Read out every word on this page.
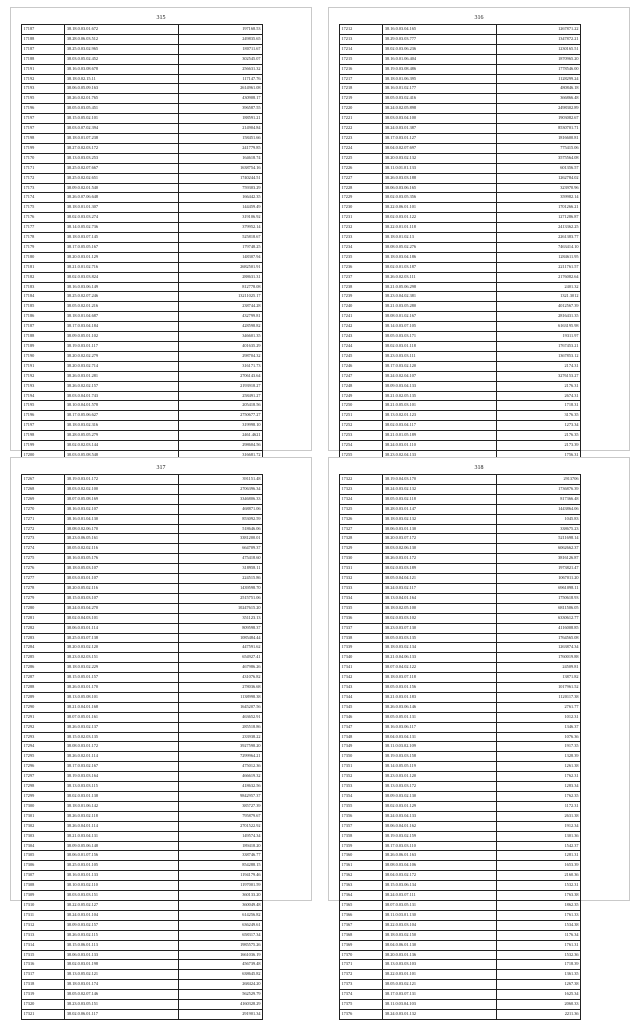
315
17187	38.18.0.03.01.672	197168.53
17188	38.28.0.06.03.512	249835.65
17187	38.25.0.03.02.965	180711.67
17188	38.03.0.05.02.452	302545.07
17191	38.16.0.03.08.678	256631.32
17192	38.18.0.02.15.11	117147.76
17193	38.06.0.05.09.163	2614961.08
17195	38.26.0.02.01.765	430908.17
17196	38.05.0.03.05.451	396587.55
17197	38.15.0.05.02.101	188591.21
17197	38.03.0.07.02.394	214904.84
17198	38.18.0.01.07.238	158451.66
17199	38.27.0.02.03.172	241779.85
17170	38.13.0.03.03.253	164618.74
17171	38.25.0.02.07.667	1638754.16
17172	38.25.0.02.02.651	1740244.51
17173	38.09.0.02.01.540	759303.29
17174	38.26.0.07.06.648	166442.35
17175	38.18.0.01.01.307	144459.49
17176	38.02.0.03.03.274	319106.92
17177	38.14.0.05.02.736	379952.14
17178	38.18.0.03.07.145	525818.67
17179	38.17.0.05.05.167	179748.25
17180	38.20.0.03.01.129	148307.94
17181	38.21.0.01.02.716	2682501.91
17182	38.02.0.03.03.824	288631.31
17183	38.16.0.03.06.149	812778.08
17184	38.25.0.02.07.246	13211025.17
17185	38.05.0.02.01.216	238744.28
17186	38.18.0.01.04.687	432799.81
17187	38.17.0.03.04.184	428598.82
17188	38.09.0.05.01.102	346601.35
17189	38.19.0.03.01.117	401635.29
17190	38.20.0.02.02.279	298704.32
17191	38.20.0.03.02.714	316171.73
17192	38.26.0.03.01.281	2706143.64
17193	38.26.0.02.02.157	2193918.27
17194	38.03.0.04.01.743	258491.27
17195	38.10.0.04.01.578	205418.56
17196	38.17.0.05.06.627	2750677.27
17197	38.18.0.03.02.316	319998.10
17198	38.28.0.05.05.279	2461.4621
17199	38.02.0.02.03.144	298604.56
17200	38.03.0.05.08.548	316681.72

316
17212	38.16.0.03.04.165	1267871.22
17213	38.29.0.03.03.777	1347872.21
17214	38.02.0.03.06.236	1230165.51
17215	38.16.0.01.06.404	1870965.20
17216	38.19.0.03.08.486	1778546.00
17217	38.18.0.01.06.395	1128299.24
17218	38.16.0.01.02.177	480846.18
17219	38.05.0.03.02.416	366866.48
17220	38.24.0.02.05.898	2498302.89
17221	38.03.0.03.04.100	1903082.67
17222	38.24.0.03.01.387	8530701.71
17223	38.17.0.03.01.127	1816600.81
17224	38.04.0.02.07.697	775415.06
17225	38.20.0.03.02.132	3575564.08
17226	38.11.0.01.01.133	601356.57
17227	38.26.0.03.03.188	1262784.02
17228	38.06.0.03.06.165	323970.96
17229	38.02.0.03.05.356	359982.14
17230	38.22.0.06.01.101	1701266.21
17231	38.02.0.03.01.122	1271286.87
17232	38.22.0.01.01.118	2413362.25
17233	38.18.0.01.02.13	2261383.77
17234	38.08.0.05.02.276	7463414.10
17235	38.18.0.03.04.186	1284611.95
17236	38.02.0.01.03.187	2211761.57
17237	38.26.0.02.03.111	2176082.64
17238	38.21.0.05.06.298	2401.32
17239	38.23.0.04.02.381	1321.3012
17240	38.21.0.03.05.280	4012567.39
17241	38.08.0.01.02.167	2816431.35
17242	38.14.0.03.07.105	6163195.98
17243	38.05.0.03.03.171	19311.97
17244	38.02.0.03.01.118	1767453.21
17245	38.23.0.03.03.111	1367853.12
17246	38.17.0.03.02.120	2174.31
17247	38.24.0.02.04.107	3276153.27
17248	38.09.0.03.04.133	2176.31
17249	38.21.0.02.05.135	2674.31
17250	38.21.0.05.03.101	1718.31
17251	38.13.0.02.01.123	3176.35
17252	38.02.0.03.04.117	1273.34
17253	38.21.0.01.05.189	2176.35
17254	38.24.0.03.01.110	2173.39
17255	38.23.0.02.04.133	1756.31

317
17267	38.19.0.03.01.172	391151.48
17268	38.03.0.02.02.100	2706396.34
17269	38.07.0.05.08.169	3346806.33
17270	38.16.0.03.02.107	468871.06
17271	38.16.0.01.04.130	853092.59
17272	38.08.0.02.06.170	518646.06
17273	38.23.0.06.05.161	3381200.01
17274	38.05.0.02.02.116	664709.37
17275	38.16.0.03.05.176	475418.60
17276	38.18.0.05.03.107	318958.11
17277	38.03.0.03.01.107	224515.86
17278	38.20.0.05.02.116	1439598.70
17279	38.15.0.03.03.107	2515751.06
17280	38.24.0.03.04.270	10247615.20
17281	38.02.0.04.03.101	351123.13
17282	38.06.0.03.01.114	809598.37
17283	38.25.0.03.07.138	1085484.44
17284	38.20.0.03.02.120	447591.62
17285	38.23.0.02.03.151	654927.41
17286	38.18.0.03.02.229	467986.26
17287	38.15.0.05.01.157	431076.82
17288	38.26.0.03.01.170	278036.68
17289	38.13.0.05.08.101	1138998.38
17290	38.21.0.04.01.168	1645207.56
17291	38.07.0.05.01.161	463652.91
17292	38.26.0.03.02.137	285518.86
17293	38.15.0.02.03.135	233938.22
17294	38.08.0.03.01.172	3927598.20
17295	38.26.0.02.01.114	7299964.21
17296	38.17.0.03.02.167	475012.36
17297	38.19.0.03.03.164	466619.32
17298	38.13.0.03.03.115	418632.56
17299	38.02.0.03.01.138	9842957.37
17300	38.18.0.01.06.142	385727.39
17301	38.26.0.03.02.118	795879.67
17302	38.26.0.04.01.114	2701522.92
17303	38.21.0.03.04.131	149574.34
17304	38.09.0.05.06.148	189418.20
17305	38.06.0.01.07.156	338746.77
17306	38.25.0.03.01.105	854288.15
17307	38.16.0.03.01.133	1194179.46
17308	38.10.0.03.02.110	1197001.59
17309	38.03.0.03.03.151	360133.20
17310	38.22.0.05.02.127	360049.48
17311	38.24.0.03.01.104	614256.82
17312	38.09.0.03.02.157	636249.61
17313	38.26.0.03.02.115	658317.34
17314	38.15.0.06.01.113	1985575.26
17315	38.06.0.03.01.133	1661036.19
17316	38.02.0.03.01.198	456739.48
17317	38.13.0.05.02.121	638645.82
17318	38.18.0.03.01.174	268424.20
17319	38.05.0.02.07.146	562529.79
17320	38.23.0.03.05.151	4160328.29
17321	38.02.0.06.01.117	291901.34
318
17322	38.19.0.04.03.170	2913706
17323	38.24.0.03.02.132	1736876.39
17324	38.05.0.03.02.118	817366.48
17325	38.28.0.03.01.147	1443864.06
17326	38.18.0.03.02.132	1045.83
17327	38.06.0.03.01.130	338675.23
17328	38.20.0.03.07.172	5211698.14
17329	38.03.0.02.06.130	6062662.37
17330	38.26.0.03.01.172	3816126.87
17331	38.02.0.03.03.189	1973821.47
17332	38.05.0.04.04.121	1067011.20
17333	38.24.0.03.02.117	6961098.11
17334	38.13.0.04.01.164	1750618.93
17335	38.18.0.02.05.100	6811506.05
17336	38.02.0.03.03.102	6330612.77
17337	38.23.0.03.07.130	4116008.85
17338	38.05.0.03.03.135	1764565.08
17339	38.18.0.03.02.134	1263874.34
17340	38.21.0.04.06.133	1760019.88
17341	38.07.0.04.02.122	24509.81
17342	38.18.0.03.07.118	13871.82
17343	38.05.0.03.01.156	1017961.52
17344	38.21.0.03.01.183	1120117.38
17345	38.26.0.03.06.146	2761.77
17346	38.05.0.05.01.131	1012.31
17347	38.16.0.03.06.117	1346.37
17348	38.04.0.03.04.131	1076.36
17349	38.11.0.03.02.109	1917.35
17350	38.19.0.03.03.158	1328.39
17351	38.14.0.05.05.119	1261.38
17352	38.23.0.03.01.120	1762.31
17353	38.13.0.03.03.172	1283.34
17354	38.09.0.03.02.130	1762.35
17355	38.02.0.03.01.129	1172.31
17356	38.24.0.03.04.133	2631.38
17357	38.06.0.04.01.162	1912.34
17358	38.19.0.03.02.159	1301.36
17359	38.17.0.03.03.110	1542.37
17360	38.26.0.06.01.163	1281.31
17361	38.08.0.03.04.106	1653.39
17362	38.04.0.03.02.172	2160.36
17363	38.15.0.03.06.134	1532.31
17364	38.24.0.03.07.111	1763.38
17365	38.07.0.03.05.131	1862.35
17366	38.11.0.03.01.130	1761.33
17367	38.22.0.03.03.104	1534.38
17368	38.18.0.03.02.150	1176.34
17369	38.04.0.06.01.130	1761.31
17370	38.20.0.03.01.136	1532.36
17371	38.13.0.03.03.103	1718.39
17372	38.22.0.03.01.101	1361.35
17373	38.05.0.03.02.121	1267.38
17374	38.17.0.03.07.131	1625.34
17375	38.11.0.03.04.103	2060.33
17376	38.24.0.03.01.132	2211.36
